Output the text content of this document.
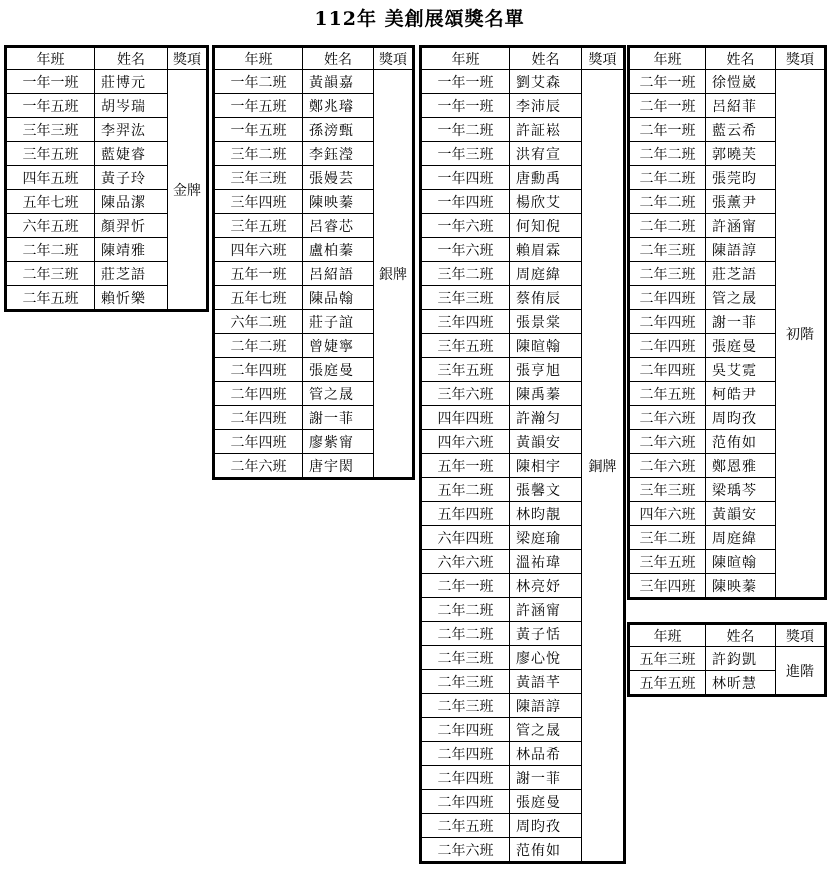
112年 美創展頌獎名單
年班	姓名	獎項
一年一班	莊博元	金牌
一年五班	胡岑瑞	
三年三班	李羿汯	
三年五班	藍婕睿	
四年五班	黃子玲	
五年七班	陳品潔	
六年五班	顏羿忻	
二年二班	陳靖雅	
二年三班	莊芝語	
二年五班	賴忻樂	
年班	姓名	獎項
一年二班	黃韻嘉	銀牌
一年五班	鄭兆璿	
一年五班	孫滂甄	
三年二班	李鈺瀅	
三年三班	張嫚芸	
三年四班	陳映蓁	
三年五班	呂睿芯	
四年六班	盧柏蓁	
五年一班	呂紹語	
五年七班	陳品翰	
六年二班	莊子誼	
二年二班	曾婕寧	
二年四班	張庭曼	
二年四班	管之晟	
二年四班	謝一菲	
二年四班	廖紫甯	
二年六班	唐宇閎	
年班	姓名	獎項
一年一班	劉艾森	銅牌
一年一班	李沛辰	
一年二班	許証崧	
一年三班	洪宥宣	
一年四班	唐勳禹	
一年四班	楊欣艾	
一年六班	何知倪	
一年六班	賴眉霖	
三年二班	周庭緯	
三年三班	蔡侑辰	
三年四班	張景棠	
三年五班	陳暄翰	
三年五班	張亨旭	
三年六班	陳禹蓁	
四年四班	許瀚匀	
四年六班	黃韻安	
五年一班	陳相宇	
五年二班	張馨文	
五年四班	林昀靚	
六年四班	梁庭瑜	
六年六班	溫祐瑋	
二年一班	林亮妤	
二年二班	許涵甯	
二年二班	黃子恬	
二年三班	廖心悅	
二年三班	黃語芊	
二年三班	陳語諄	
二年四班	管之晟	
二年四班	林品希	
二年四班	謝一菲	
二年四班	張庭曼	
二年五班	周昀孜	
二年六班	范侑如	
年班	姓名	獎項
二年一班	徐愷崴	初階
二年一班	呂紹菲	
二年一班	藍云希	
二年二班	郭曉芙	
二年二班	張莞昀	
二年二班	張薰尹	
二年二班	許涵甯	
二年三班	陳語諄	
二年三班	莊芝語	
二年四班	管之晟	
二年四班	謝一菲	
二年四班	張庭曼	
二年四班	吳艾霓	
二年五班	柯皓尹	
二年六班	周昀孜	
二年六班	范侑如	
二年六班	鄭恩雅	
三年三班	梁瑀芩	
四年六班	黃韻安	
三年二班	周庭緯	
三年五班	陳暄翰	
三年四班	陳映蓁	
年班	姓名	獎項
五年三班	許鈞凱	進階
五年五班	林昕慧	
